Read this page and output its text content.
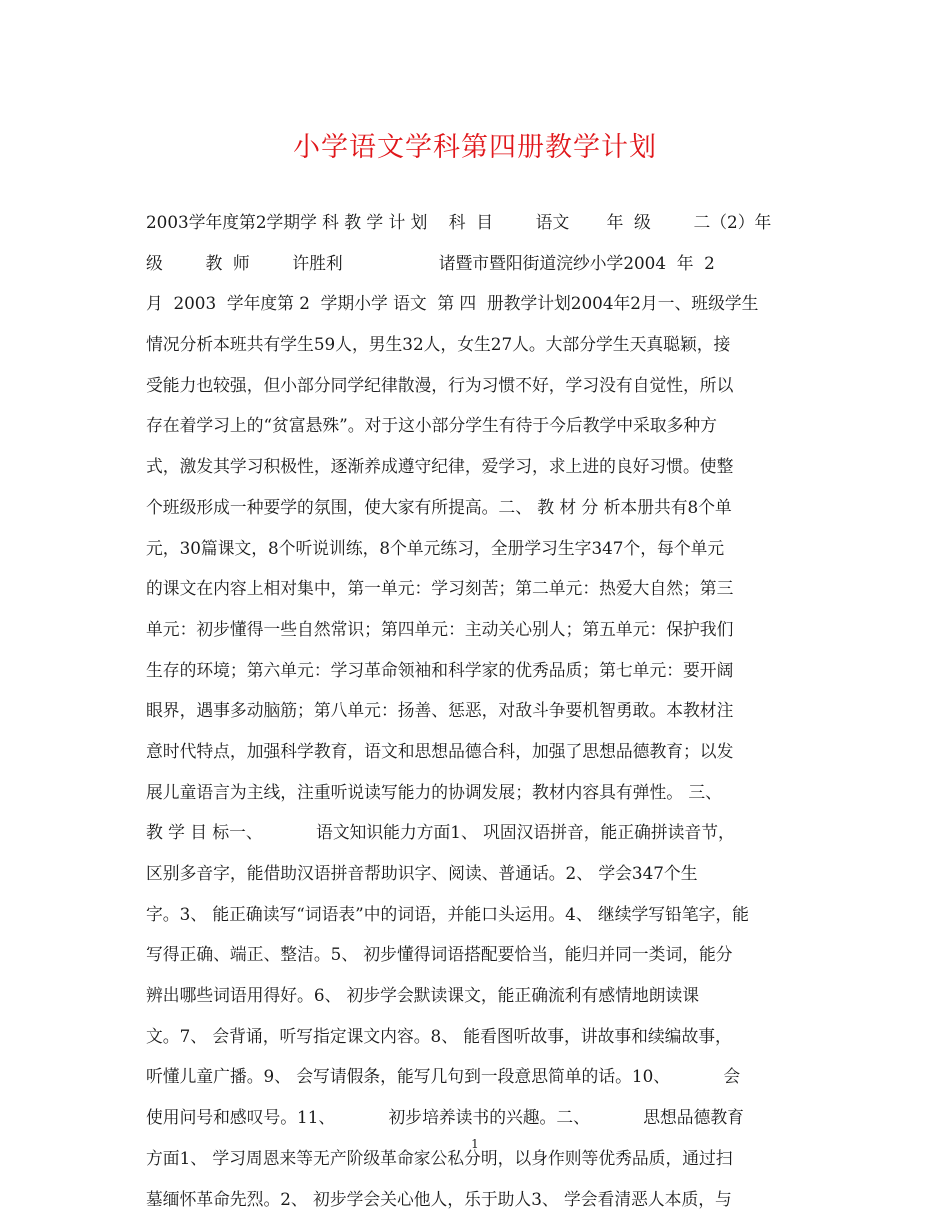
小学语文学科第四册教学计划
2003学年度第2学期学 科 教 学 计 划    科  目        语文       年  级        二（2）年
级        教  师        许胜利                  诸暨市暨阳街道浣纱小学2004  年  2
月  2003  学年度第 2  学期小学 语文  第 四  册教学计划2004年2月一、班级学生
情况分析本班共有学生59人，男生32人，女生27人。大部分学生天真聪颖，接
受能力也较强，但小部分同学纪律散漫，行为习惯不好，学习没有自觉性，所以
存在着学习上的“贫富悬殊”。对于这小部分学生有待于今后教学中采取多种方
式，激发其学习积极性，逐渐养成遵守纪律，爱学习，求上进的良好习惯。使整
个班级形成一种要学的氛围，使大家有所提高。二、 教 材 分 析本册共有8个单
元，30篇课文，8个听说训练，8个单元练习，全册学习生字347个，每个单元
的课文在内容上相对集中，第一单元：学习刻苦；第二单元：热爱大自然；第三
单元：初步懂得一些自然常识；第四单元：主动关心别人；第五单元：保护我们
生存的环境；第六单元：学习革命领袖和科学家的优秀品质；第七单元：要开阔
眼界，遇事多动脑筋；第八单元：扬善、惩恶，对敌斗争要机智勇敢。本教材注
意时代特点，加强科学教育，语文和思想品德合科，加强了思想品德教育；以发
展儿童语言为主线，注重听说读写能力的协调发展；教材内容具有弹性。 三、
教 学 目 标一、          语文知识能力方面1、 巩固汉语拼音，能正确拼读音节，
区别多音字，能借助汉语拼音帮助识字、阅读、普通话。2、 学会347个生
字。3、 能正确读写“词语表”中的词语，并能口头运用。4、 继续学写铅笔字，能
写得正确、端正、整洁。5、 初步懂得词语搭配要恰当，能归并同一类词，能分
辨出哪些词语用得好。6、 初步学会默读课文，能正确流利有感情地朗读课
文。7、 会背诵，听写指定课文内容。8、 能看图听故事，讲故事和续编故事，
听懂儿童广播。9、 会写请假条，能写几句到一段意思简单的话。10、          会
使用问号和感叹号。11、          初步培养读书的兴趣。二、          思想品德教育
方面1、 学习周恩来等无产阶级革命家公私分明，以身作则等优秀品质，通过扫
墓缅怀革命先烈。2、 初步学会关心他人，乐于助人3、 学会看清恶人本质，与
1
